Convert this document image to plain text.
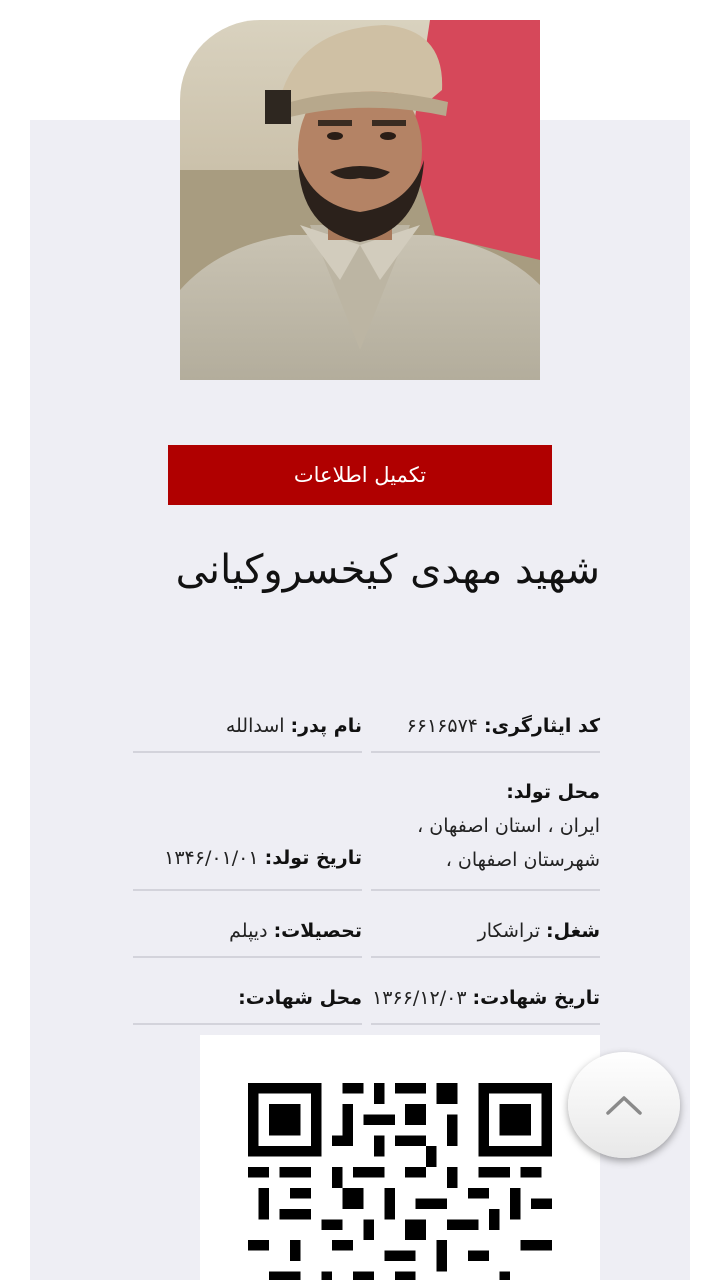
تکمیل اطلاعات
شهید مهدی کیخسروکیانی
کد ایثارگری:
۶۶۱۶۵۷۴
نام پدر:
اسدالله
محل تولد:
ایران ، استان اصفهان ،
شهرستان اصفهان ،
تاریخ تولد:
۱۳۴۶/۰۱/۰۱
شغل:
تراشکار
تحصیلات:
دیپلم
تاریخ شهادت:
۱۳۶۶/۱۲/۰۳
محل شهادت:
